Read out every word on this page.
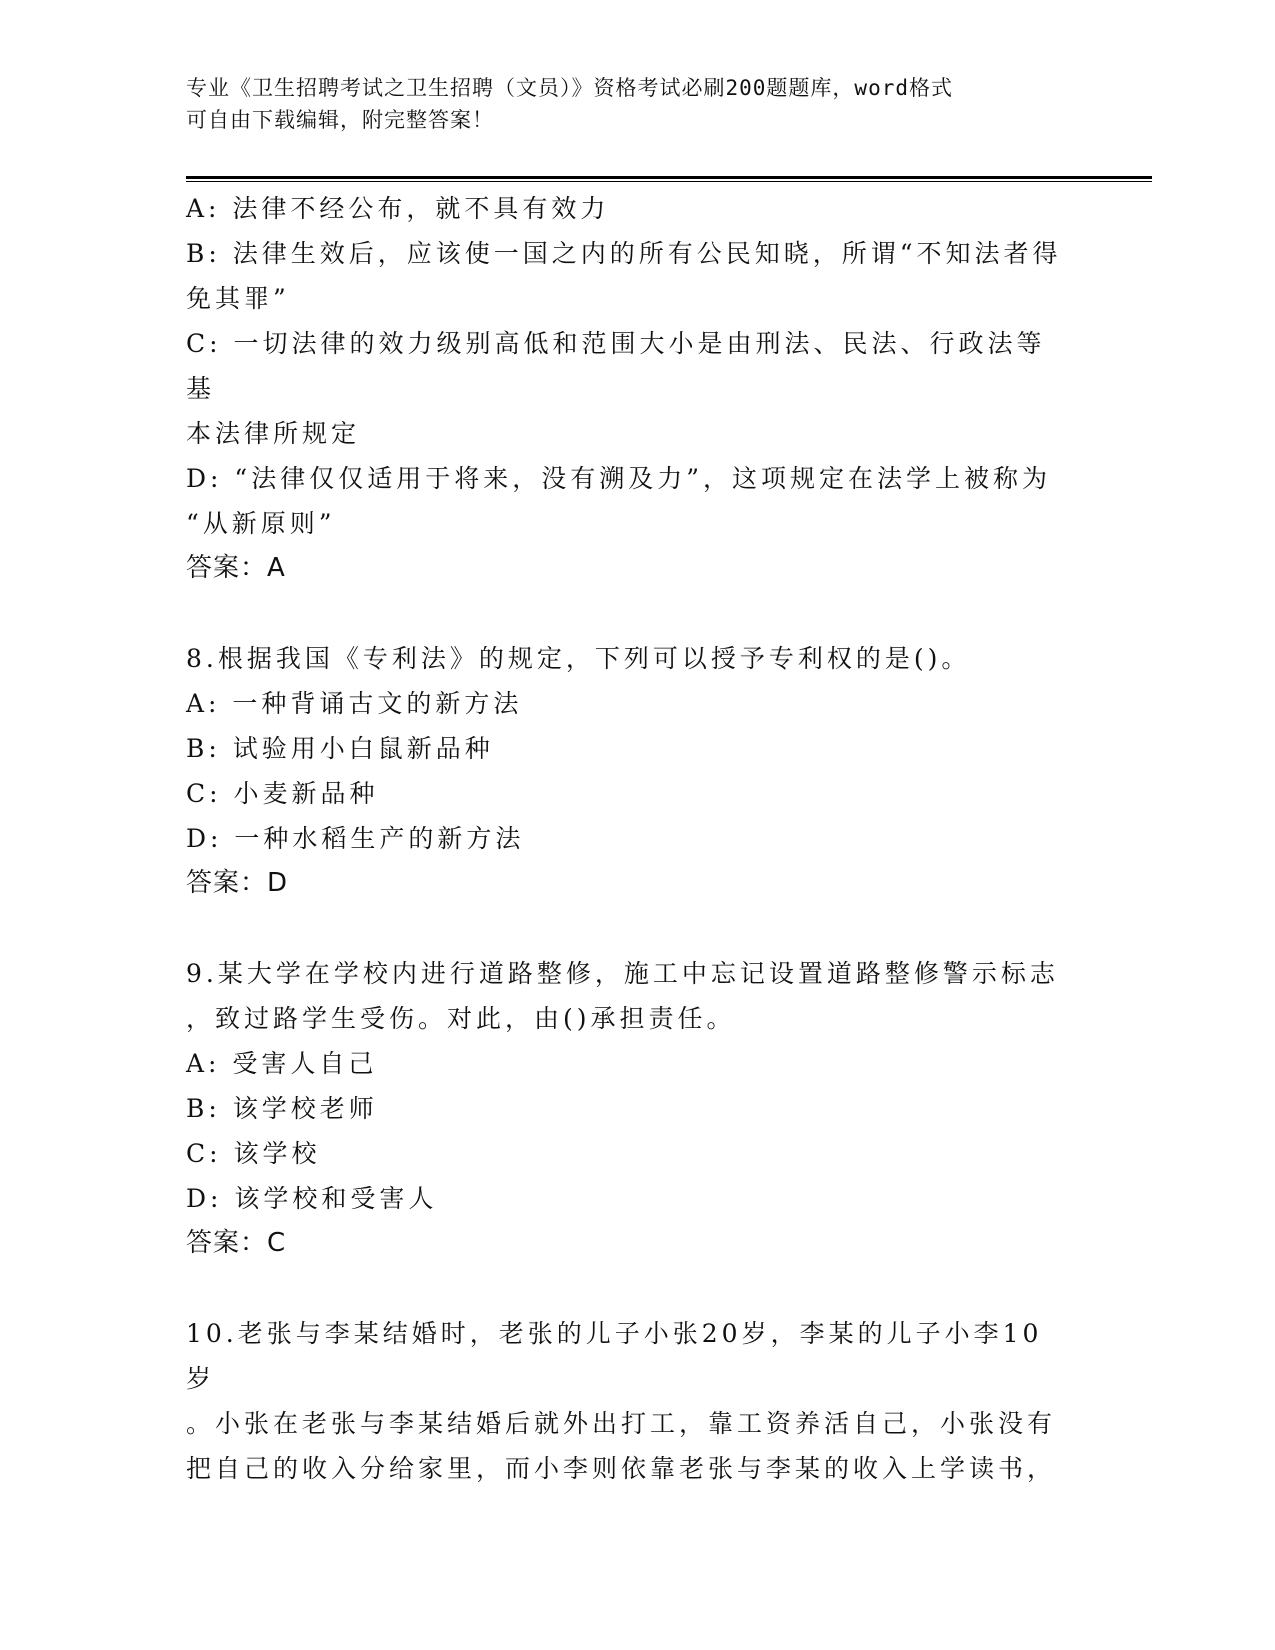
专业《卫生招聘考试之卫生招聘（文员）》资格考试必刷200题题库，word格式
可自由下载编辑，附完整答案！
A: 法律不经公布，就不具有效力
B: 法律生效后，应该使一国之内的所有公民知晓，所谓“不知法者得
免其罪”
C: 一切法律的效力级别高低和范围大小是由刑法、民法、行政法等基
本法律所规定
D: “法律仅仅适用于将来，没有溯及力”，这项规定在法学上被称为
“从新原则”
答案：A
8.根据我国《专利法》的规定，下列可以授予专利权的是()。
A: 一种背诵古文的新方法
B: 试验用小白鼠新品种
C: 小麦新品种
D: 一种水稻生产的新方法
答案：D
9.某大学在学校内进行道路整修，施工中忘记设置道路整修警示标志
，致过路学生受伤。对此，由()承担责任。
A: 受害人自己
B: 该学校老师
C: 该学校
D: 该学校和受害人
答案：C
10.老张与李某结婚时，老张的儿子小张20岁，李某的儿子小李10岁
。小张在老张与李某结婚后就外出打工，靠工资养活自己，小张没有
把自己的收入分给家里，而小李则依靠老张与李某的收入上学读书，
